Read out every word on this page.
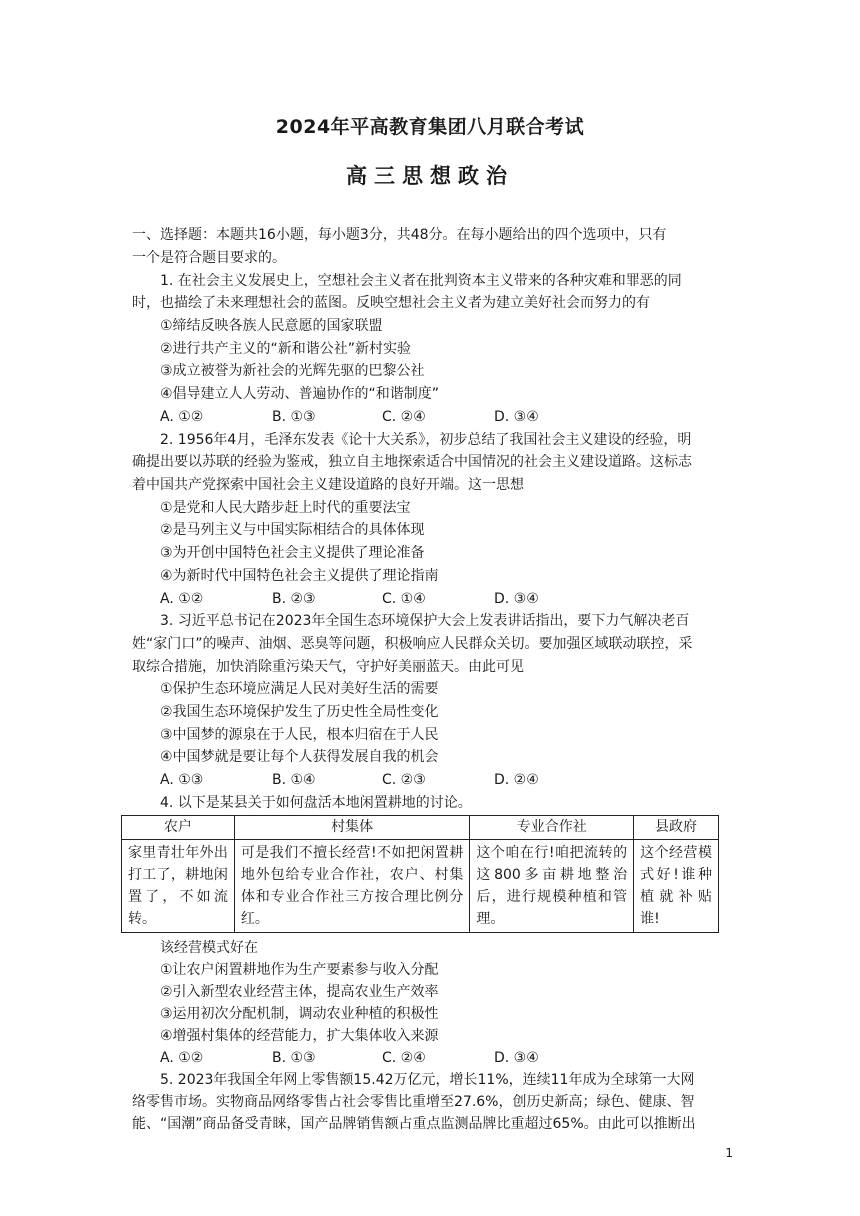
2024年平高教育集团八月联合考试
高三思想政治
一、选择题：本题共16小题，每小题3分，共48分。在每小题给出的四个选项中，只有
一个是符合题目要求的。
1. 在社会主义发展史上，空想社会主义者在批判资本主义带来的各种灾难和罪恶的同
时，也描绘了未来理想社会的蓝图。反映空想社会主义者为建立美好社会而努力的有
①缔结反映各族人民意愿的国家联盟
②进行共产主义的“新和谐公社”新村实验
③成立被誉为新社会的光辉先驱的巴黎公社
④倡导建立人人劳动、普遍协作的“和谐制度”
A. ①②	B. ①③	C. ②④	D. ③④
2. 1956年4月，毛泽东发表《论十大关系》，初步总结了我国社会主义建设的经验，明
确提出要以苏联的经验为鉴戒，独立自主地探索适合中国情况的社会主义建设道路。这标志
着中国共产党探索中国社会主义建设道路的良好开端。这一思想
①是党和人民大踏步赶上时代的重要法宝
②是马列主义与中国实际相结合的具体体现
③为开创中国特色社会主义提供了理论准备
④为新时代中国特色社会主义提供了理论指南
A. ①②	B. ②③	C. ①④	D. ③④
3. 习近平总书记在2023年全国生态环境保护大会上发表讲话指出，要下力气解决老百
姓“家门口”的噪声、油烟、恶臭等问题，积极响应人民群众关切。要加强区域联动联控，采
取综合措施，加快消除重污染天气，守护好美丽蓝天。由此可见
①保护生态环境应满足人民对美好生活的需要
②我国生态环境保护发生了历史性全局性变化
③中国梦的源泉在于人民，根本归宿在于人民
④中国梦就是要让每个人获得发展自我的机会
A. ①③	B. ①④	C. ②③	D. ②④
4. 以下是某县关于如何盘活本地闲置耕地的讨论。
农户	村集体	专业合作社	县政府
家里青壮年外出打工了，耕地闲置了，不如流转。	可是我们不擅长经营!不如把闲置耕地外包给专业合作社，农户、村集体和专业合作社三方按合理比例分红。	这个咱在行!咱把流转的这800多亩耕地整治后，进行规模种植和管理。	这个经营模式好!谁种植就补贴谁!
该经营模式好在
①让农户闲置耕地作为生产要素参与收入分配
②引入新型农业经营主体，提高农业生产效率
③运用初次分配机制，调动农业种植的积极性
④增强村集体的经营能力，扩大集体收入来源
A. ①②	B. ①③	C. ②④	D. ③④
5. 2023年我国全年网上零售额15.42万亿元，增长11%，连续11年成为全球第一大网
络零售市场。实物商品网络零售占社会零售比重增至27.6%，创历史新高；绿色、健康、智
能、“国潮”商品备受青睐，国产品牌销售额占重点监测品牌比重超过65%。由此可以推断出
1
